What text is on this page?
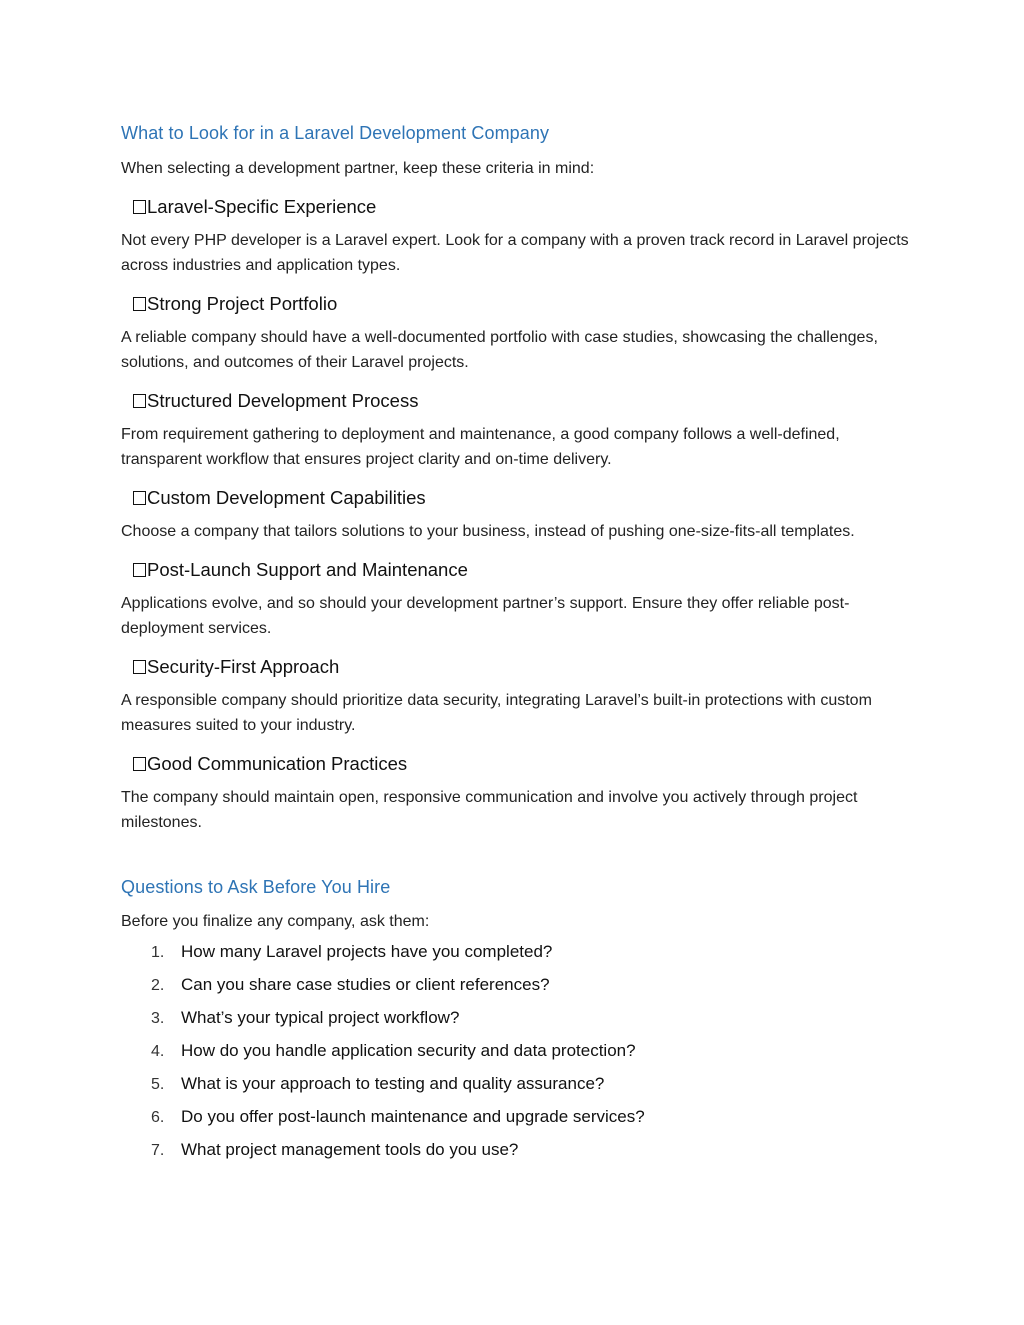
What to Look for in a Laravel Development Company

When selecting a development partner, keep these criteria in mind:

Laravel-Specific Experience

Not every PHP developer is a Laravel expert. Look for a company with a proven track record in Laravel projects across industries and application types.

Strong Project Portfolio

A reliable company should have a well-documented portfolio with case studies, showcasing the challenges, solutions, and outcomes of their Laravel projects.

Structured Development Process

From requirement gathering to deployment and maintenance, a good company follows a well-defined, transparent workflow that ensures project clarity and on-time delivery.

Custom Development Capabilities

Choose a company that tailors solutions to your business, instead of pushing one-size-fits-all templates.

Post-Launch Support and Maintenance

Applications evolve, and so should your development partner’s support. Ensure they offer reliable post-deployment services.

Security-First Approach

A responsible company should prioritize data security, integrating Laravel’s built-in protections with custom measures suited to your industry.

Good Communication Practices

The company should maintain open, responsive communication and involve you actively through project milestones.

Questions to Ask Before You Hire

Before you finalize any company, ask them:

1. How many Laravel projects have you completed?
2. Can you share case studies or client references?
3. What’s your typical project workflow?
4. How do you handle application security and data protection?
5. What is your approach to testing and quality assurance?
6. Do you offer post-launch maintenance and upgrade services?
7. What project management tools do you use?
